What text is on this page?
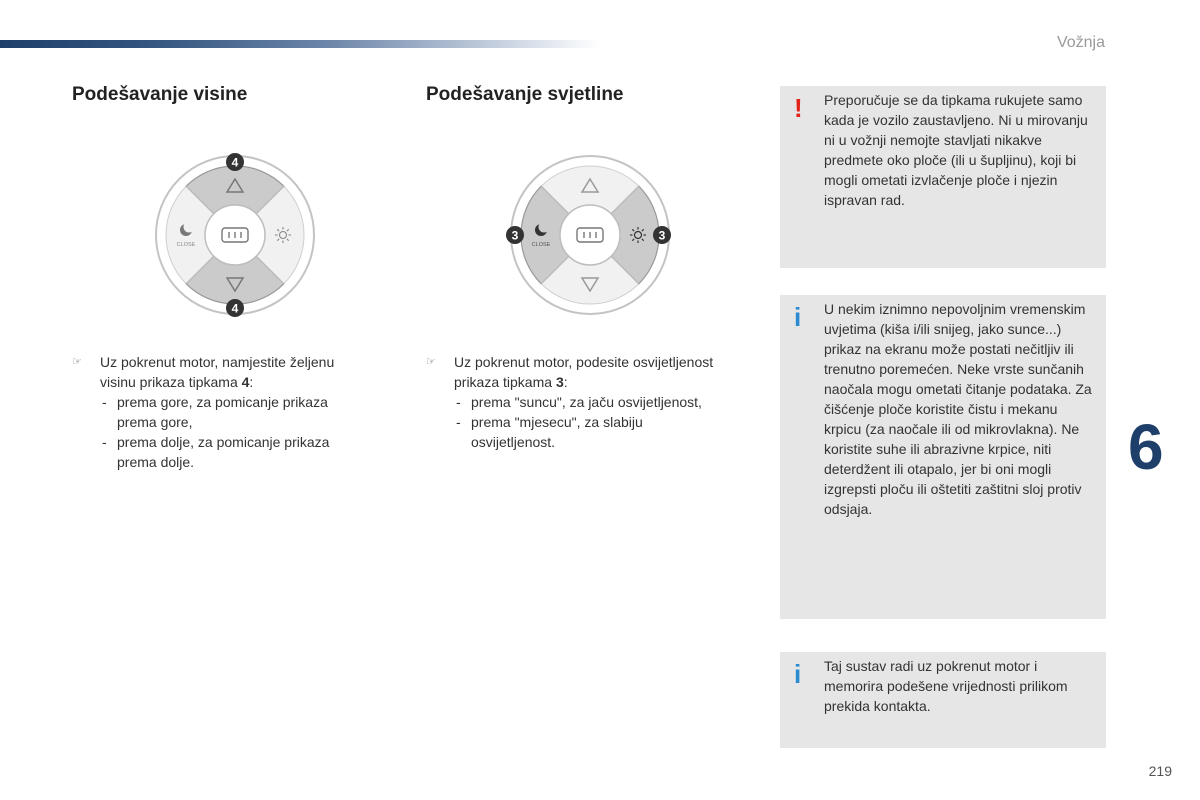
Vožnja
Podešavanje visine	Podešavanje svjetline
CLOSE
4
4
CLOSE
3	3
☞ Uz pokrenut motor, namjestite željenu visinu prikaza tipkama 4:
- prema gore, za pomicanje prikaza prema gore,
- prema dolje, za pomicanje prikaza prema dolje.
☞ Uz pokrenut motor, podesite osvijetljenost prikaza tipkama 3:
- prema "suncu", za jaču osvijetljenost,
- prema "mjesecu", za slabiju osvijetljenost.
! Preporučuje se da tipkama rukujete samo kada je vozilo zaustavljeno. Ni u mirovanju ni u vožnji nemojte stavljati nikakve predmete oko ploče (ili u šupljinu), koji bi mogli ometati izvlačenje ploče i njezin ispravan rad.
i U nekim iznimno nepovoljnim vremenskim uvjetima (kiša i/ili snijeg, jako sunce...) prikaz na ekranu može postati nečitljiv ili trenutno poremećen. Neke vrste sunčanih naočala mogu ometati čitanje podataka. Za čišćenje ploče koristite čistu i mekanu krpicu (za naočale ili od mikrovlakna). Ne koristite suhe ili abrazivne krpice, niti deterdžent ili otapalo, jer bi oni mogli izgrepsti ploču ili oštetiti zaštitni sloj protiv odsjaja.
i Taj sustav radi uz pokrenut motor i memorira podešene vrijednosti prilikom prekida kontakta.
6
219
